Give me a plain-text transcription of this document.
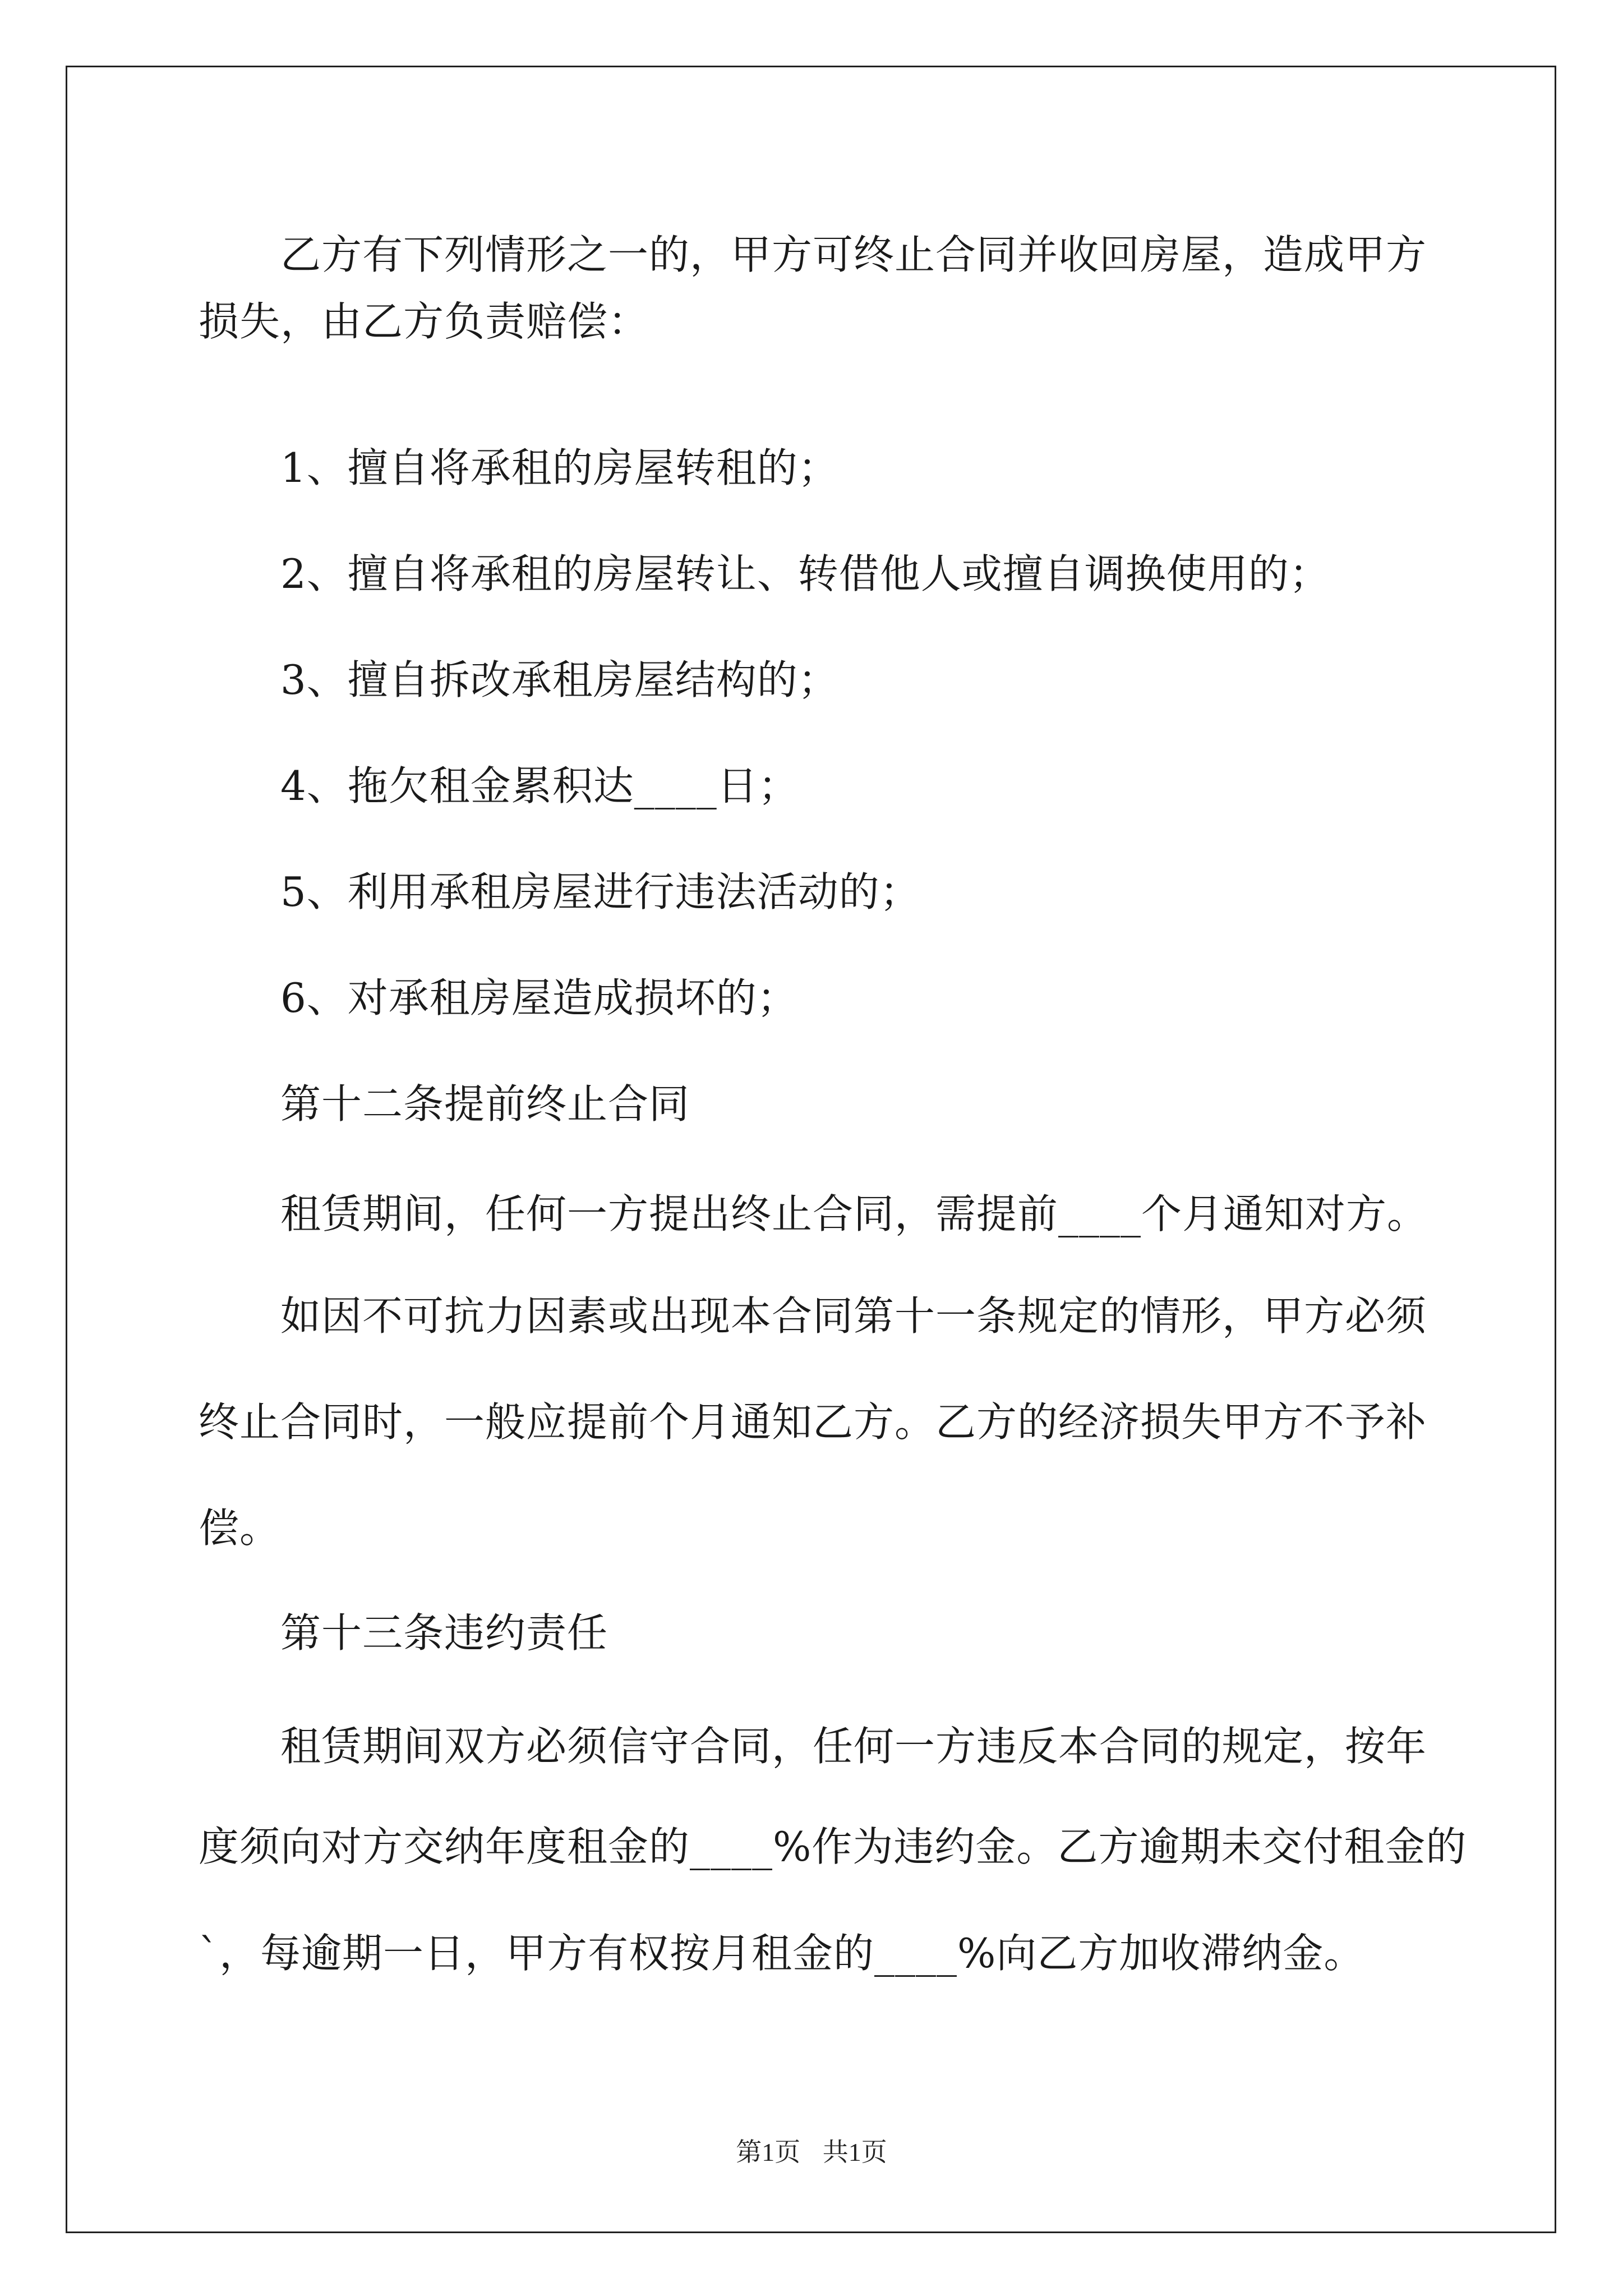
乙方有下列情形之一的，甲方可终止合同并收回房屋，造成甲方
损失，由乙方负责赔偿：
1、擅自将承租的房屋转租的；
2、擅自将承租的房屋转让、转借他人或擅自调换使用的；
3、擅自拆改承租房屋结构的；
4、拖欠租金累积达____日；
5、利用承租房屋进行违法活动的；
6、对承租房屋造成损坏的；
第十二条提前终止合同
租赁期间，任何一方提出终止合同，需提前____个月通知对方。
如因不可抗力因素或出现本合同第十一条规定的情形，甲方必须
终止合同时，一般应提前个月通知乙方。乙方的经济损失甲方不予补
偿。
第十三条违约责任
租赁期间双方必须信守合同，任何一方违反本合同的规定，按年
度须向对方交纳年度租金的____%作为违约金。乙方逾期未交付租金的
`，每逾期一日，甲方有权按月租金的____%向乙方加收滞纳金。
第1页 共1页
